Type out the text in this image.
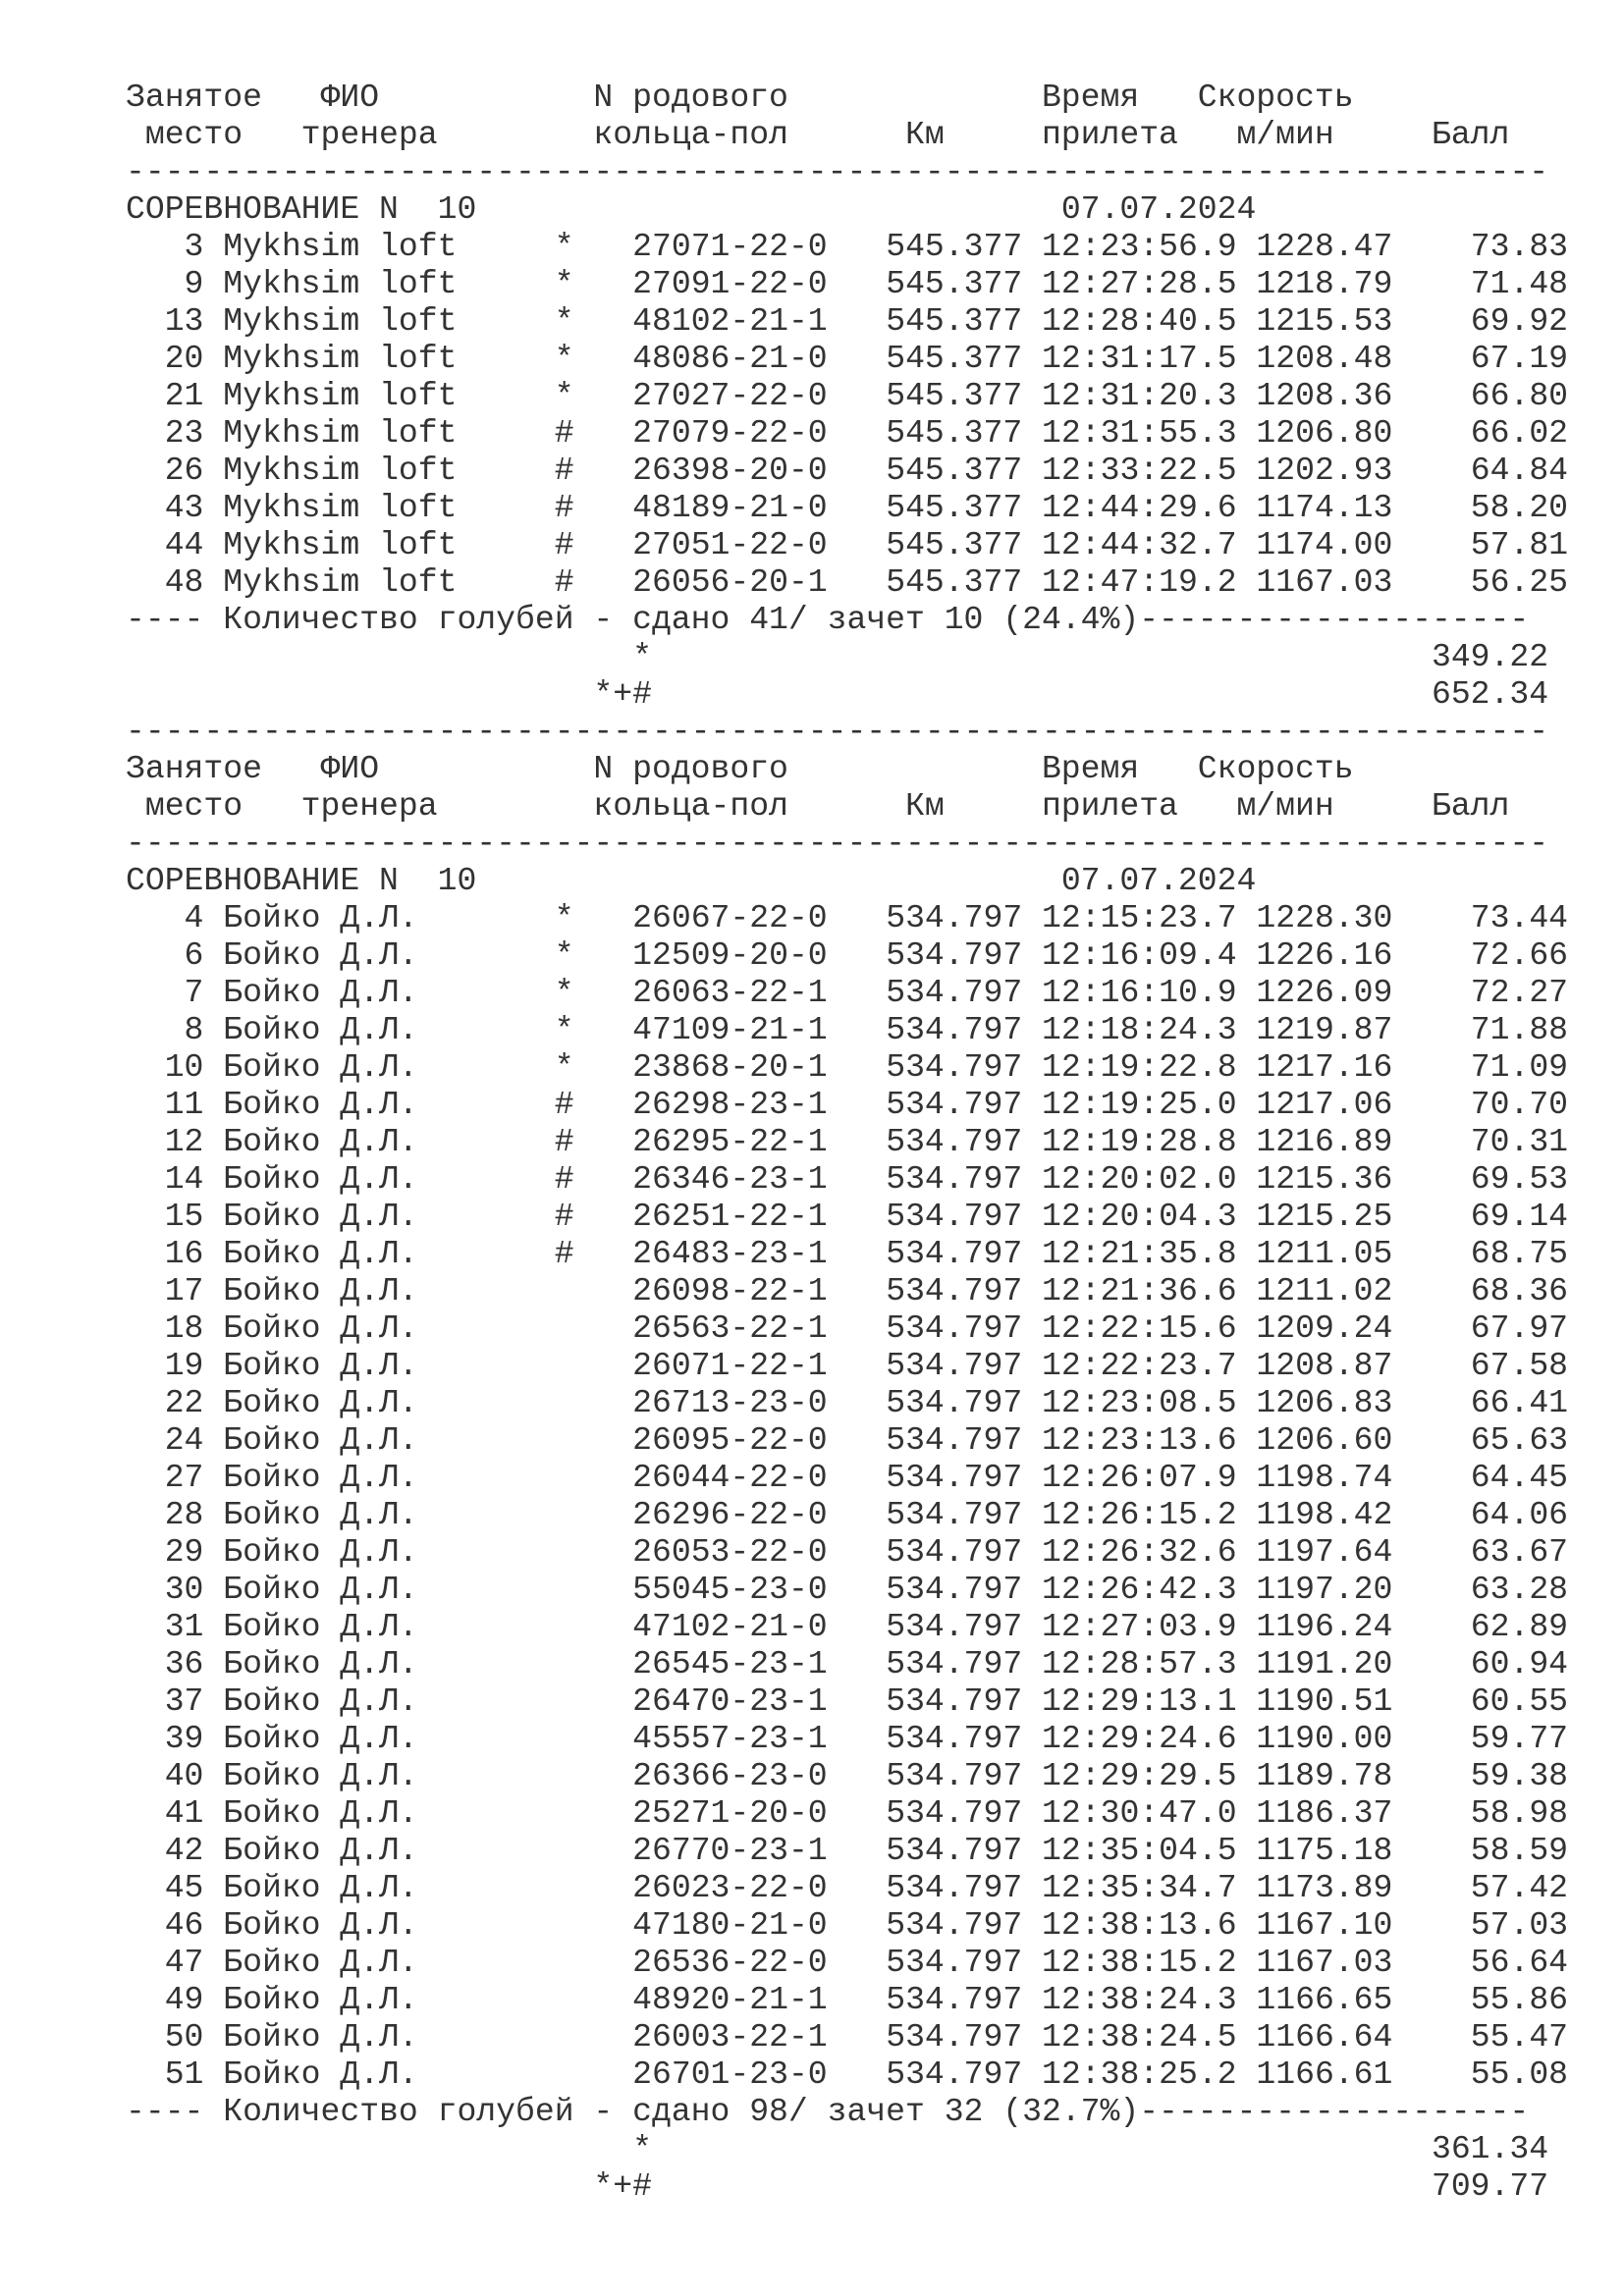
Занятое   ФИО           N родового             Время   Скорость
место   тренера        кольца-пол      Км     прилета   м/мин     Балл
-------------------------------------------------------------------------
СОРЕВНОВАНИЕ N  10	07.07.2024
3 Mykhsim loft	* 27071-22-0 545.377 12:23:56.9 1228.47    73.83
9 Mykhsim loft	* 27091-22-0 545.377 12:27:28.5 1218.79    71.48
13 Mykhsim loft	* 48102-21-1 545.377 12:28:40.5 1215.53    69.92
20 Mykhsim loft	* 48086-21-0 545.377 12:31:17.5 1208.48    67.19
21 Mykhsim loft	* 27027-22-0 545.377 12:31:20.3 1208.36    66.80
23 Mykhsim loft	# 27079-22-0 545.377 12:31:55.3 1206.80    66.02
26 Mykhsim loft	# 26398-20-0 545.377 12:33:22.5 1202.93    64.84
43 Mykhsim loft	# 48189-21-0 545.377 12:44:29.6 1174.13    58.20
44 Mykhsim loft	# 27051-22-0 545.377 12:44:32.7 1174.00    57.81
48 Mykhsim loft	# 26056-20-1 545.377 12:47:19.2 1167.03    56.25
---- Количество голубей - сдано 41/ зачет 10 (24.4%)--------------------
*	349.22
*+#	652.34
-------------------------------------------------------------------------
Занятое   ФИО           N родового             Время   Скорость
место   тренера        кольца-пол      Км     прилета   м/мин     Балл
-------------------------------------------------------------------------
СОРЕВНОВАНИЕ N  10	07.07.2024
4 Бойко Д.Л.	* 26067-22-0 534.797 12:15:23.7 1228.30    73.44
6 Бойко Д.Л.	* 12509-20-0 534.797 12:16:09.4 1226.16    72.66
7 Бойко Д.Л.	* 26063-22-1 534.797 12:16:10.9 1226.09    72.27
8 Бойко Д.Л.	* 47109-21-1 534.797 12:18:24.3 1219.87    71.88
10 Бойко Д.Л.	* 23868-20-1 534.797 12:19:22.8 1217.16    71.09
11 Бойко Д.Л.	# 26298-23-1 534.797 12:19:25.0 1217.06    70.70
12 Бойко Д.Л.	# 26295-22-1 534.797 12:19:28.8 1216.89    70.31
14 Бойко Д.Л.	# 26346-23-1 534.797 12:20:02.0 1215.36    69.53
15 Бойко Д.Л.	# 26251-22-1 534.797 12:20:04.3 1215.25    69.14
16 Бойко Д.Л.	# 26483-23-1 534.797 12:21:35.8 1211.05    68.75
17 Бойко Д.Л.	26098-22-1 534.797 12:21:36.6 1211.02    68.36
18 Бойко Д.Л.	26563-22-1 534.797 12:22:15.6 1209.24    67.97
19 Бойко Д.Л.	26071-22-1 534.797 12:22:23.7 1208.87    67.58
22 Бойко Д.Л.	26713-23-0 534.797 12:23:08.5 1206.83    66.41
24 Бойко Д.Л.	26095-22-0 534.797 12:23:13.6 1206.60    65.63
27 Бойко Д.Л.	26044-22-0 534.797 12:26:07.9 1198.74    64.45
28 Бойко Д.Л.	26296-22-0 534.797 12:26:15.2 1198.42    64.06
29 Бойко Д.Л.	26053-22-0 534.797 12:26:32.6 1197.64    63.67
30 Бойко Д.Л.	55045-23-0 534.797 12:26:42.3 1197.20    63.28
31 Бойко Д.Л.	47102-21-0 534.797 12:27:03.9 1196.24    62.89
36 Бойко Д.Л.	26545-23-1 534.797 12:28:57.3 1191.20    60.94
37 Бойко Д.Л.	26470-23-1 534.797 12:29:13.1 1190.51    60.55
39 Бойко Д.Л.	45557-23-1 534.797 12:29:24.6 1190.00    59.77
40 Бойко Д.Л.	26366-23-0 534.797 12:29:29.5 1189.78    59.38
41 Бойко Д.Л.	25271-20-0 534.797 12:30:47.0 1186.37    58.98
42 Бойко Д.Л.	26770-23-1 534.797 12:35:04.5 1175.18    58.59
45 Бойко Д.Л.	26023-22-0 534.797 12:35:34.7 1173.89    57.42
46 Бойко Д.Л.	47180-21-0 534.797 12:38:13.6 1167.10    57.03
47 Бойко Д.Л.	26536-22-0 534.797 12:38:15.2 1167.03    56.64
49 Бойко Д.Л.	48920-21-1 534.797 12:38:24.3 1166.65    55.86
50 Бойко Д.Л.	26003-22-1 534.797 12:38:24.5 1166.64    55.47
51 Бойко Д.Л.	26701-23-0 534.797 12:38:25.2 1166.61    55.08
---- Количество голубей - сдано 98/ зачет 32 (32.7%)--------------------
*	361.34
*+#	709.77
